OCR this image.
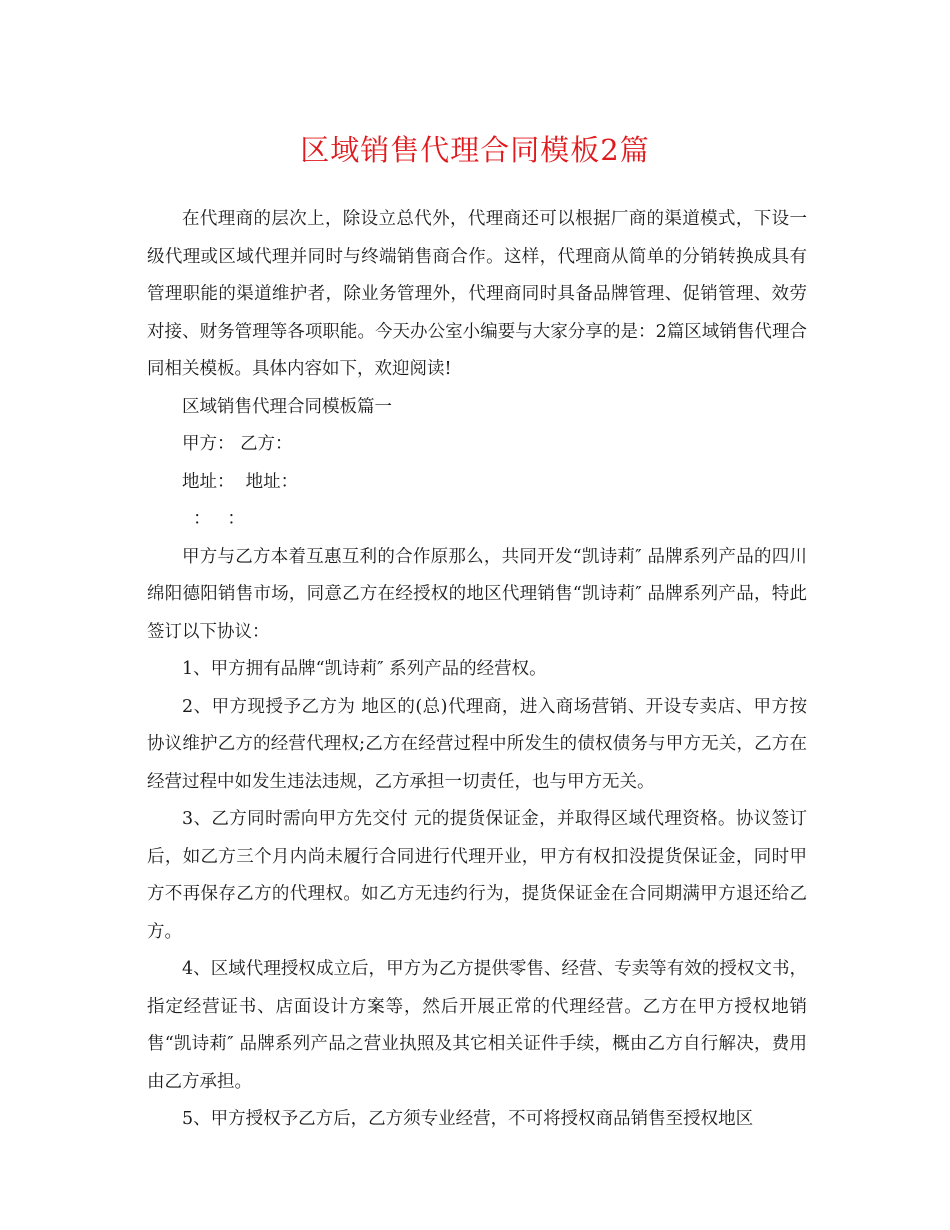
区域销售代理合同模板2篇

在代理商的层次上，除设立总代外，代理商还可以根据厂商的渠道模式，下设一级代理或区域代理并同时与终端销售商合作。这样，代理商从简单的分销转换成具有管理职能的渠道维护者，除业务管理外，代理商同时具备品牌管理、促销管理、效劳对接、财务管理等各项职能。今天办公室小编要与大家分享的是：2篇区域销售代理合同相关模板。具体内容如下，欢迎阅读!

区域销售代理合同模板篇一

甲方： 乙方：

地址：  地址：

：   ：

甲方与乙方本着互惠互利的合作原那么，共同开发“凯诗莉″ 品牌系列产品的四川绵阳德阳销售市场，同意乙方在经授权的地区代理销售“凯诗莉″ 品牌系列产品，特此签订以下协议：

1、甲方拥有品牌“凯诗莉″ 系列产品的经营权。

2、甲方现授予乙方为 地区的(总)代理商，进入商场营销、开设专卖店、甲方按协议维护乙方的经营代理权;乙方在经营过程中所发生的债权债务与甲方无关，乙方在经营过程中如发生违法违规，乙方承担一切责任，也与甲方无关。

3、乙方同时需向甲方先交付 元的提货保证金，并取得区域代理资格。协议签订后，如乙方三个月内尚未履行合同进行代理开业，甲方有权扣没提货保证金，同时甲方不再保存乙方的代理权。如乙方无违约行为，提货保证金在合同期满甲方退还给乙方。

4、区域代理授权成立后，甲方为乙方提供零售、经营、专卖等有效的授权文书，指定经营证书、店面设计方案等，然后开展正常的代理经营。乙方在甲方授权地销售“凯诗莉″ 品牌系列产品之营业执照及其它相关证件手续，概由乙方自行解决，费用由乙方承担。

5、甲方授权予乙方后，乙方须专业经营，不可将授权商品销售至授权地区
